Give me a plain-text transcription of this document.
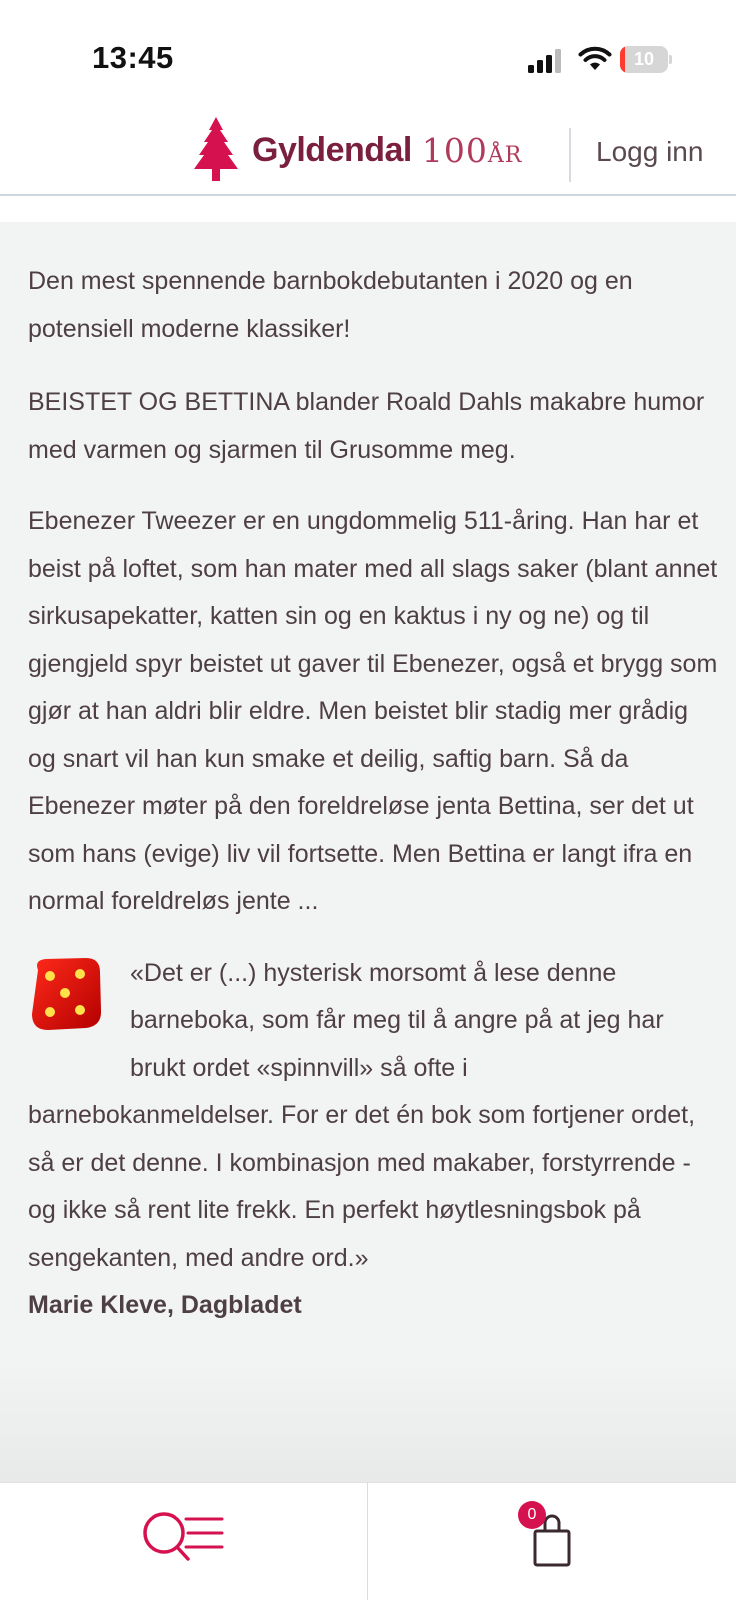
13:45	10
Gyldendal 100ÅR	Logg inn

Den mest spennende barnbokdebutanten i 2020 og en potensiell moderne klassiker!

BEISTET OG BETTINA blander Roald Dahls makabre humor med varmen og sjarmen til Grusomme meg.

Ebenezer Tweezer er en ungdommelig 511-åring. Han har et beist på loftet, som han mater med all slags saker (blant annet sirkusapekatter, katten sin og en kaktus i ny og ne) og til gjengjeld spyr beistet ut gaver til Ebenezer, også et brygg som gjør at han aldri blir eldre. Men beistet blir stadig mer grådig og snart vil han kun smake et deilig, saftig barn. Så da Ebenezer møter på den foreldreløse jenta Bettina, ser det ut som hans (evige) liv vil fortsette. Men Bettina er langt ifra en normal foreldreløs jente ...

«Det er (...) hysterisk morsomt å lese denne barneboka, som får meg til å angre på at jeg har brukt ordet «spinnvill» så ofte i barnebokanmeldelser. For er det én bok som fortjener ordet, så er det denne. I kombinasjon med makaber, forstyrrende - og ikke så rent lite frekk. En perfekt høytlesningsbok på sengekanten, med andre ord.»

Marie Kleve, Dagbladet

0
